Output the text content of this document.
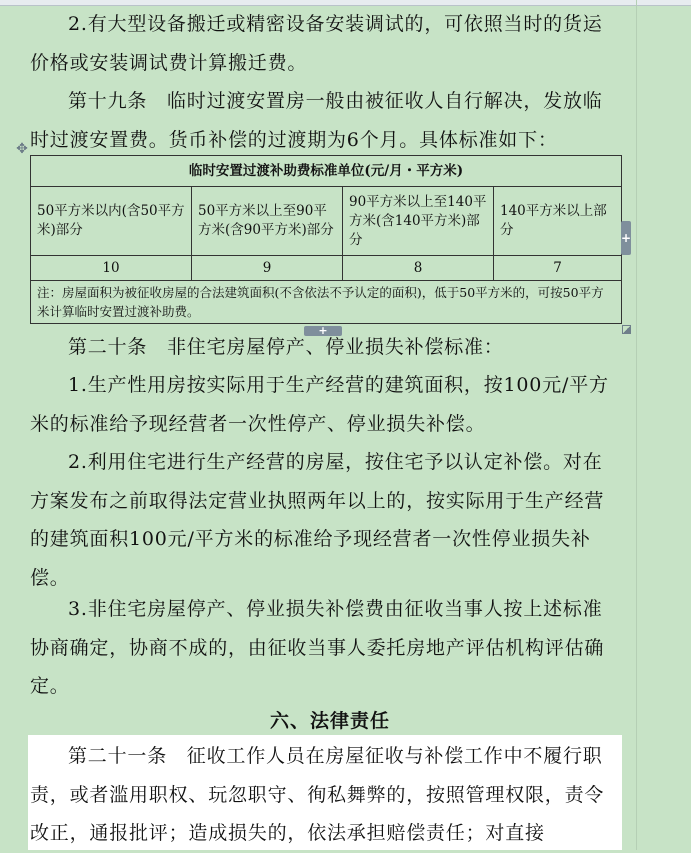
2.有大型设备搬迁或精密设备安装调试的，可依照当时的货运价格或安装调试费计算搬迁费。

第十九条　临时过渡安置房一般由被征收人自行解决，发放临时过渡安置费。货币补偿的过渡期为6个月。具体标准如下：

✥
临时安置过渡补助费标准单位(元/月・平方米)			
50平方米以内(含50平方米)部分	50平方米以上至90平方米(含90平方米)部分	90平方米以上至140平方米(含140平方米)部分	140平方米以上部分
10	9	8	7
注：房屋面积为被征收房屋的合法建筑面积(不含依法不予认定的面积)，低于50平方米的，可按50平方米计算临时安置过渡补助费。			
+
+

第二十条　非住宅房屋停产、停业损失补偿标准：

1.生产性用房按实际用于生产经营的建筑面积，按100元/平方米的标准给予现经营者一次性停产、停业损失补偿。

2.利用住宅进行生产经营的房屋，按住宅予以认定补偿。对在方案发布之前取得法定营业执照两年以上的，按实际用于生产经营的建筑面积100元/平方米的标准给予现经营者一次性停业损失补偿。

3.非住宅房屋停产、停业损失补偿费由征收当事人按上述标准协商确定，协商不成的，由征收当事人委托房地产评估机构评估确定。

六、法律责任

第二十一条　征收工作人员在房屋征收与补偿工作中不履行职责，或者滥用职权、玩忽职守、徇私舞弊的，按照管理权限，责令改正，通报批评；造成损失的，依法承担赔偿责任；对直接
